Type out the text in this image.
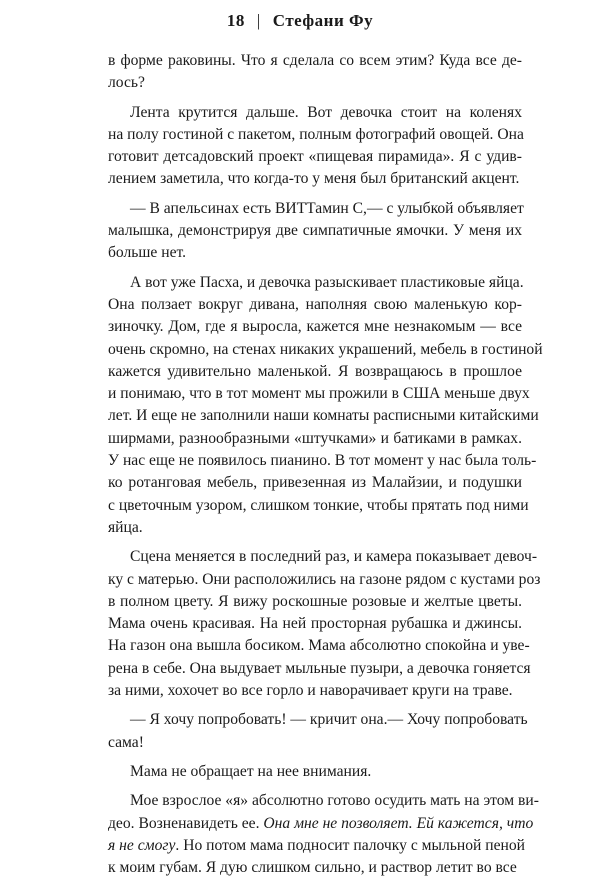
18 | Стефани Фу

в форме раковины. Что я сделала со всем этим? Куда все де-
лось?

Лента крутится дальше. Вот девочка стоит на коленях
на полу гостиной с пакетом, полным фотографий овощей. Она
готовит детсадовский проект «пищевая пирамида». Я с удив-
лением заметила, что когда-то у меня был британский акцент.

— В апельсинах есть ВИТТамин С,— с улыбкой объявляет
малышка, демонстрируя две симпатичные ямочки. У меня их
больше нет.

А вот уже Пасха, и девочка разыскивает пластиковые яйца.
Она ползает вокруг дивана, наполняя свою маленькую кор-
зиночку. Дом, где я выросла, кажется мне незнакомым — все
очень скромно, на стенах никаких украшений, мебель в гостиной
кажется удивительно маленькой. Я возвращаюсь в прошлое
и понимаю, что в тот момент мы прожили в США меньше двух
лет. И еще не заполнили наши комнаты расписными китайскими
ширмами, разнообразными «штучками» и батиками в рамках.
У нас еще не появилось пианино. В тот момент у нас была толь-
ко ротанговая мебель, привезенная из Малайзии, и подушки
с цветочным узором, слишком тонкие, чтобы прятать под ними
яйца.

Сцена меняется в последний раз, и камера показывает девоч-
ку с матерью. Они расположились на газоне рядом с кустами роз
в полном цвету. Я вижу роскошные розовые и желтые цветы.
Мама очень красивая. На ней просторная рубашка и джинсы.
На газон она вышла босиком. Мама абсолютно спокойна и уве-
рена в себе. Она выдувает мыльные пузыри, а девочка гоняется
за ними, хохочет во все горло и наворачивает круги на траве.

— Я хочу попробовать! — кричит она.— Хочу попробовать
сама!

Мама не обращает на нее внимания.

Мое взрослое «я» абсолютно готово осудить мать на этом ви-
део. Возненавидеть ее. Она мне не позволяет. Ей кажется, что
я не смогу. Но потом мама подносит палочку с мыльной пеной
к моим губам. Я дую слишком сильно, и раствор летит во все
